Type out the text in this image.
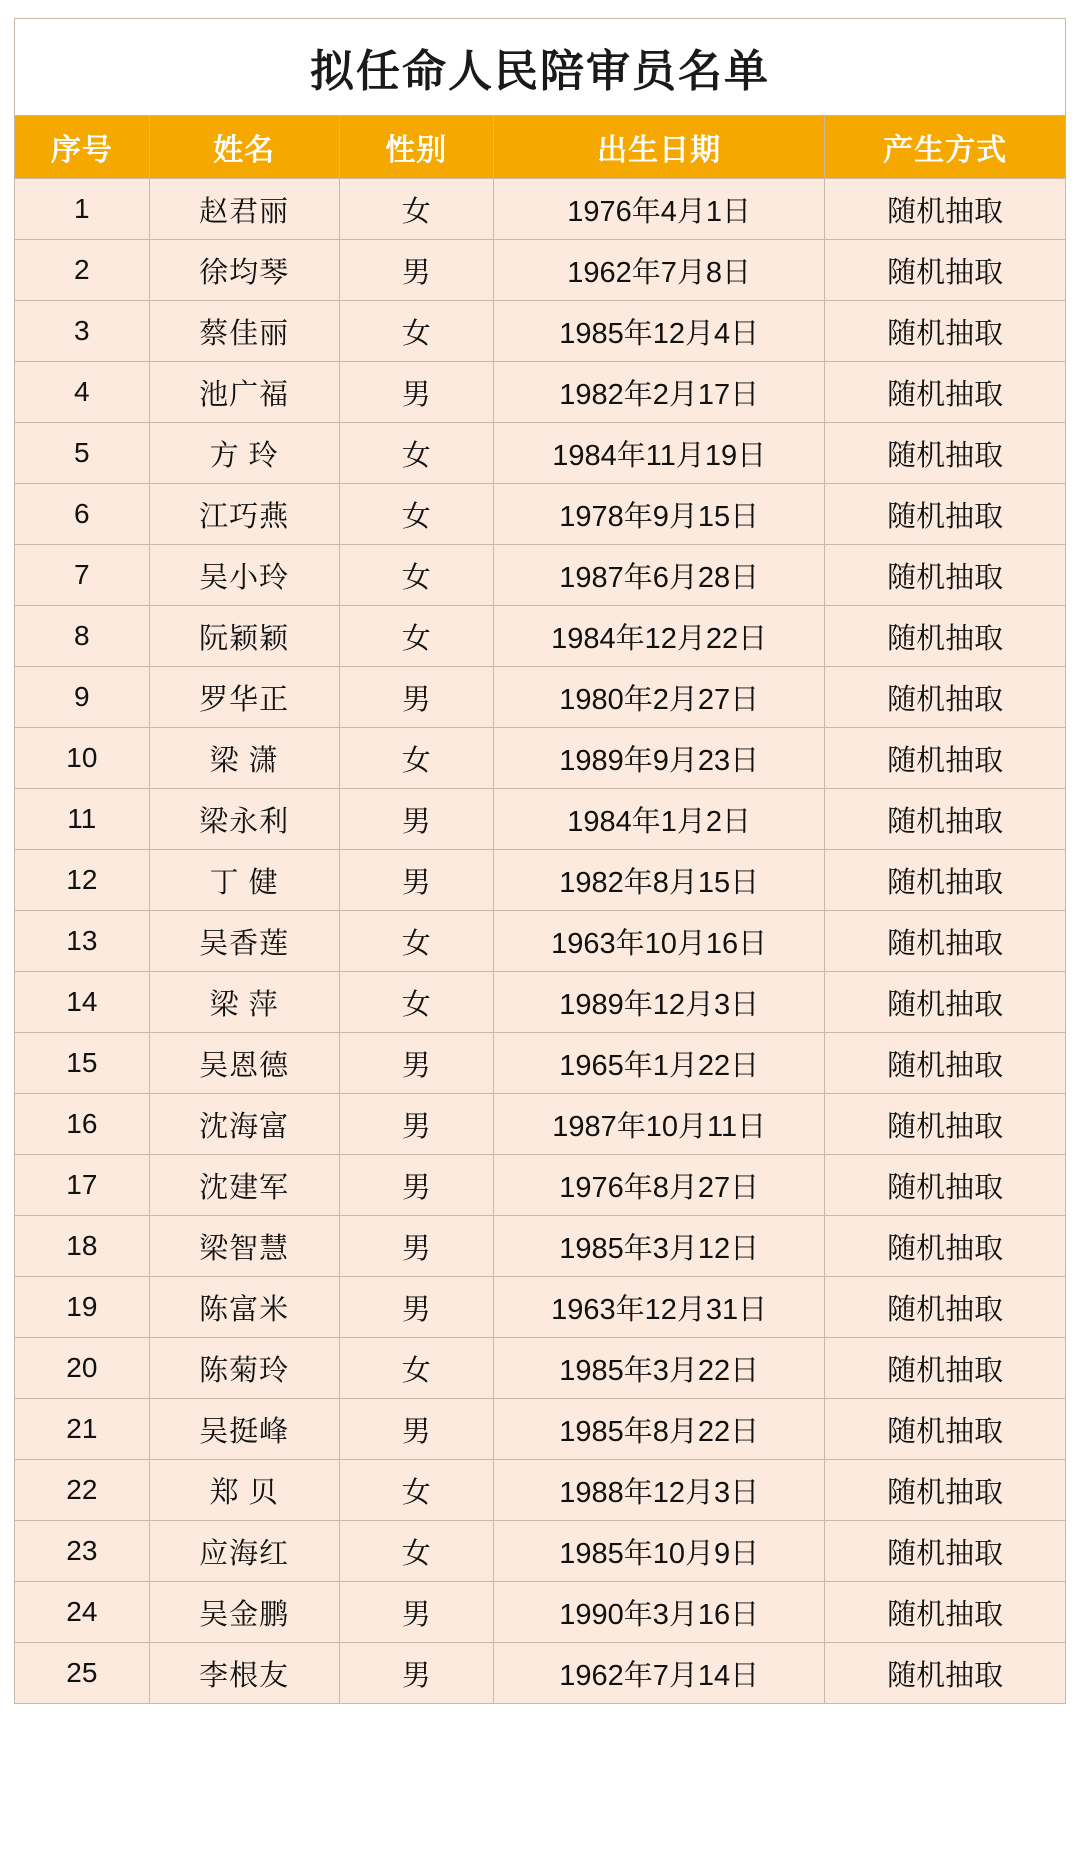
拟任命人民陪审员名单				
序号	姓名	性别	出生日期	产生方式
1	赵君丽	女	1976年4月1日	随机抽取
2	徐均琴	男	1962年7月8日	随机抽取
3	蔡佳丽	女	1985年12月4日	随机抽取
4	池广福	男	1982年2月17日	随机抽取
5	方 玲	女	1984年11月19日	随机抽取
6	江巧燕	女	1978年9月15日	随机抽取
7	吴小玲	女	1987年6月28日	随机抽取
8	阮颖颖	女	1984年12月22日	随机抽取
9	罗华正	男	1980年2月27日	随机抽取
10	梁 潇	女	1989年9月23日	随机抽取
11	梁永利	男	1984年1月2日	随机抽取
12	丁 健	男	1982年8月15日	随机抽取
13	吴香莲	女	1963年10月16日	随机抽取
14	梁 萍	女	1989年12月3日	随机抽取
15	吴恩德	男	1965年1月22日	随机抽取
16	沈海富	男	1987年10月11日	随机抽取
17	沈建军	男	1976年8月27日	随机抽取
18	梁智慧	男	1985年3月12日	随机抽取
19	陈富米	男	1963年12月31日	随机抽取
20	陈菊玲	女	1985年3月22日	随机抽取
21	吴挺峰	男	1985年8月22日	随机抽取
22	郑 贝	女	1988年12月3日	随机抽取
23	应海红	女	1985年10月9日	随机抽取
24	吴金鹏	男	1990年3月16日	随机抽取
25	李根友	男	1962年7月14日	随机抽取
